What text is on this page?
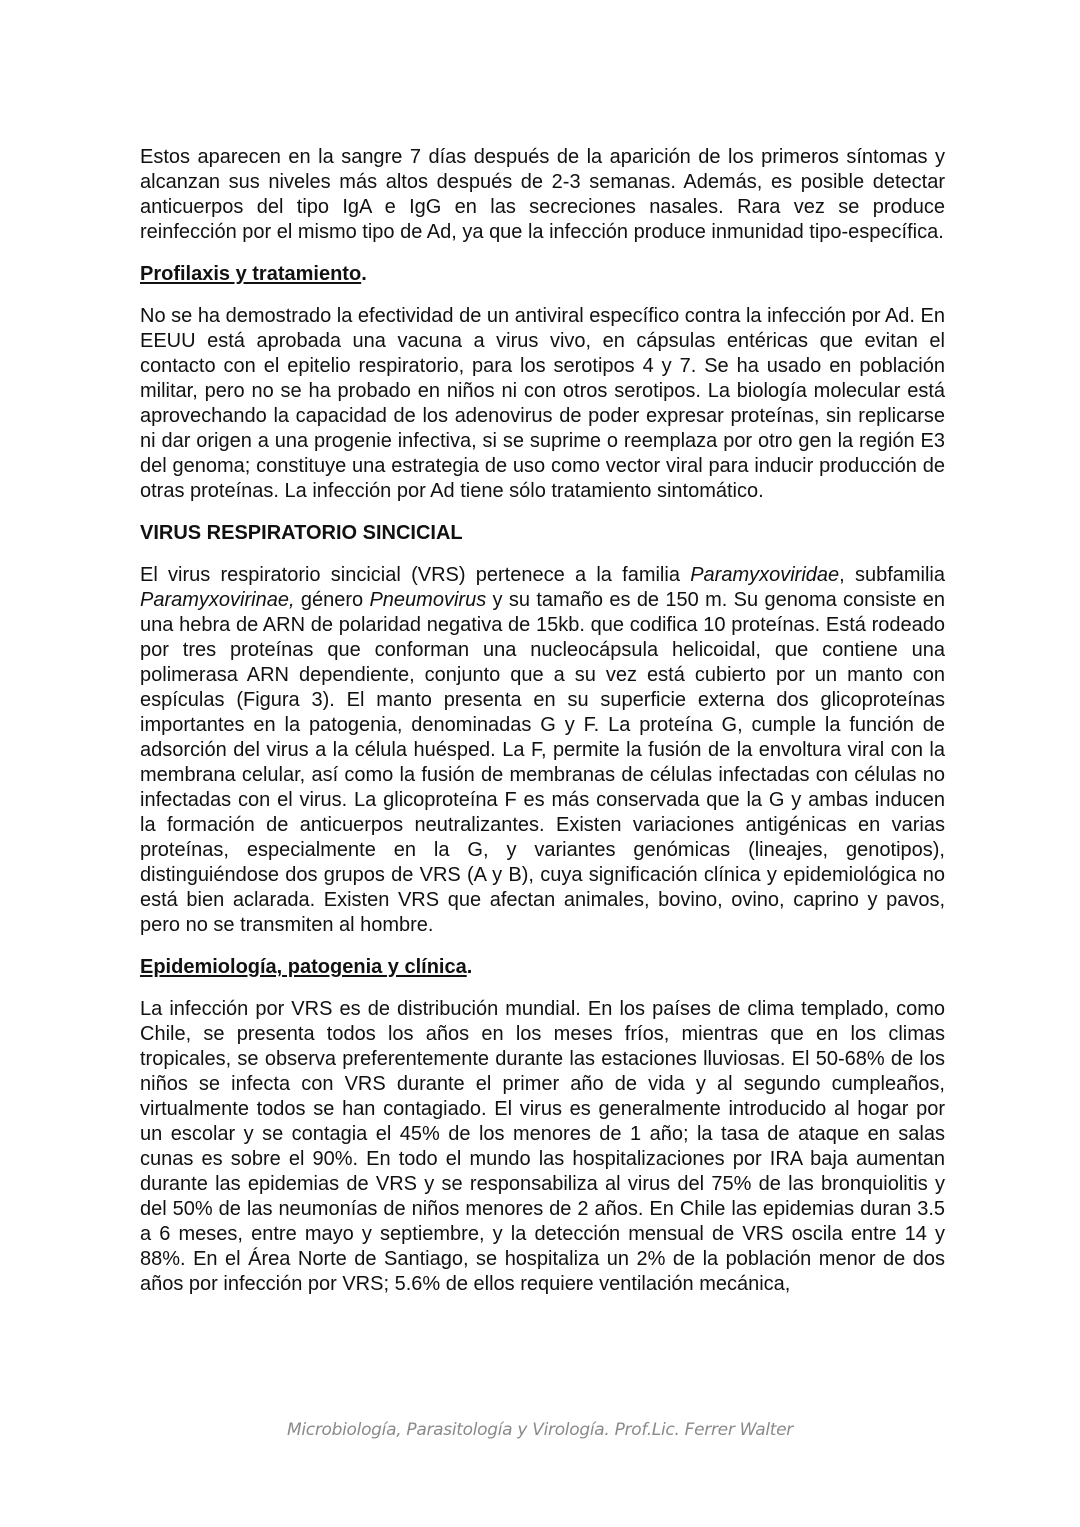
Estos aparecen en la sangre 7 días después de la aparición de los primeros síntomas y alcanzan sus niveles más altos después de 2-3 semanas. Además, es posible detectar anticuerpos del tipo IgA e IgG en las secreciones nasales. Rara vez se produce reinfección por el mismo tipo de Ad, ya que la infección produce inmunidad tipo-específica.

Profilaxis y tratamiento.

No se ha demostrado la efectividad de un antiviral específico contra la infección por Ad. En EEUU está aprobada una vacuna a virus vivo, en cápsulas entéricas que evitan el contacto con el epitelio respiratorio, para los serotipos 4 y 7. Se ha usado en población militar, pero no se ha probado en niños ni con otros serotipos. La biología molecular está aprovechando la capacidad de los adenovirus de poder expresar proteínas, sin replicarse ni dar origen a una progenie infectiva, si se suprime o reemplaza por otro gen la región E3 del genoma; constituye una estrategia de uso como vector viral para inducir producción de otras proteínas. La infección por Ad tiene sólo tratamiento sintomático.

VIRUS RESPIRATORIO SINCICIAL

El virus respiratorio sincicial (VRS) pertenece a la familia Paramyxoviridae, subfamilia Paramyxovirinae, género Pneumovirus y su tamaño es de 150 m. Su genoma consiste en una hebra de ARN de polaridad negativa de 15kb. que codifica 10 proteínas. Está rodeado por tres proteínas que conforman una nucleocápsula helicoidal, que contiene una polimerasa ARN dependiente, conjunto que a su vez está cubierto por un manto con espículas (Figura 3). El manto presenta en su superficie externa dos glicoproteínas importantes en la patogenia, denominadas G y F. La proteína G, cumple la función de adsorción del virus a la célula huésped. La F, permite la fusión de la envoltura viral con la membrana celular, así como la fusión de membranas de células infectadas con células no infectadas con el virus. La glicoproteína F es más conservada que la G y ambas inducen la formación de anticuerpos neutralizantes. Existen variaciones antigénicas en varias proteínas, especialmente en la G, y variantes genómicas (lineajes, genotipos), distinguiéndose dos grupos de VRS (A y B), cuya significación clínica y epidemiológica no está bien aclarada. Existen VRS que afectan animales, bovino, ovino, caprino y pavos, pero no se transmiten al hombre.

Epidemiología, patogenia y clínica.

La infección por VRS es de distribución mundial. En los países de clima templado, como Chile, se presenta todos los años en los meses fríos, mientras que en los climas tropicales, se observa preferentemente durante las estaciones lluviosas. El 50-68% de los niños se infecta con VRS durante el primer año de vida y al segundo cumpleaños, virtualmente todos se han contagiado. El virus es generalmente introducido al hogar por un escolar y se contagia el 45% de los menores de 1 año; la tasa de ataque en salas cunas es sobre el 90%. En todo el mundo las hospitalizaciones por IRA baja aumentan durante las epidemias de VRS y se responsabiliza al virus del 75% de las bronquiolitis y del 50% de las neumonías de niños menores de 2 años. En Chile las epidemias duran 3.5 a 6 meses, entre mayo y septiembre, y la detección mensual de VRS oscila entre 14 y 88%. En el Área Norte de Santiago, se hospitaliza un 2% de la población menor de dos años por infección por VRS; 5.6% de ellos requiere ventilación mecánica,

Microbiología, Parasitología y Virología. Prof.Lic. Ferrer Walter
